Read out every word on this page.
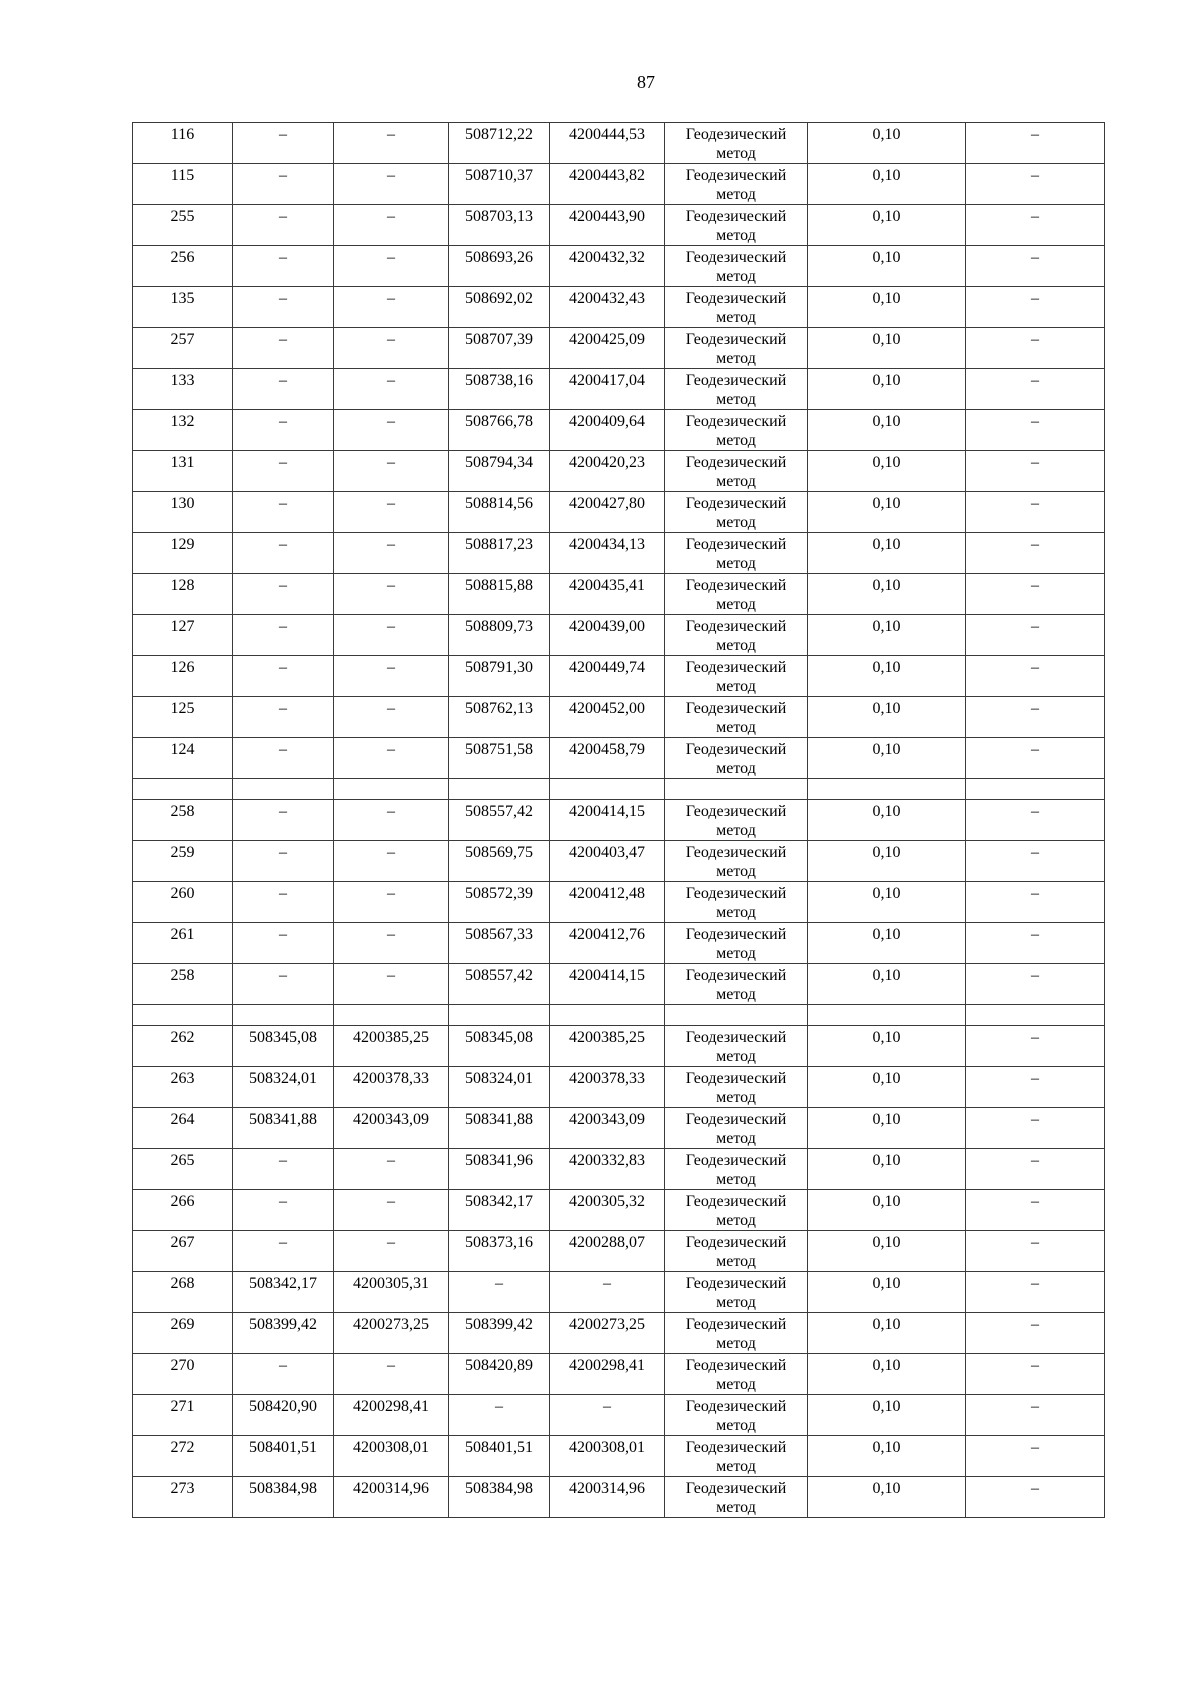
87
116	–	–	508712,22	4200444,53	Геодезический
метод	0,10	–
115	–	–	508710,37	4200443,82	Геодезический
метод	0,10	–
255	–	–	508703,13	4200443,90	Геодезический
метод	0,10	–
256	–	–	508693,26	4200432,32	Геодезический
метод	0,10	–
135	–	–	508692,02	4200432,43	Геодезический
метод	0,10	–
257	–	–	508707,39	4200425,09	Геодезический
метод	0,10	–
133	–	–	508738,16	4200417,04	Геодезический
метод	0,10	–
132	–	–	508766,78	4200409,64	Геодезический
метод	0,10	–
131	–	–	508794,34	4200420,23	Геодезический
метод	0,10	–
130	–	–	508814,56	4200427,80	Геодезический
метод	0,10	–
129	–	–	508817,23	4200434,13	Геодезический
метод	0,10	–
128	–	–	508815,88	4200435,41	Геодезический
метод	0,10	–
127	–	–	508809,73	4200439,00	Геодезический
метод	0,10	–
126	–	–	508791,30	4200449,74	Геодезический
метод	0,10	–
125	–	–	508762,13	4200452,00	Геодезический
метод	0,10	–
124	–	–	508751,58	4200458,79	Геодезический
метод	0,10	–

258	–	–	508557,42	4200414,15	Геодезический
метод	0,10	–
259	–	–	508569,75	4200403,47	Геодезический
метод	0,10	–
260	–	–	508572,39	4200412,48	Геодезический
метод	0,10	–
261	–	–	508567,33	4200412,76	Геодезический
метод	0,10	–
258	–	–	508557,42	4200414,15	Геодезический
метод	0,10	–

262	508345,08	4200385,25	508345,08	4200385,25	Геодезический
метод	0,10	–
263	508324,01	4200378,33	508324,01	4200378,33	Геодезический
метод	0,10	–
264	508341,88	4200343,09	508341,88	4200343,09	Геодезический
метод	0,10	–
265	–	–	508341,96	4200332,83	Геодезический
метод	0,10	–
266	–	–	508342,17	4200305,32	Геодезический
метод	0,10	–
267	–	–	508373,16	4200288,07	Геодезический
метод	0,10	–
268	508342,17	4200305,31	–	–	Геодезический
метод	0,10	–
269	508399,42	4200273,25	508399,42	4200273,25	Геодезический
метод	0,10	–
270	–	–	508420,89	4200298,41	Геодезический
метод	0,10	–
271	508420,90	4200298,41	–	–	Геодезический
метод	0,10	–
272	508401,51	4200308,01	508401,51	4200308,01	Геодезический
метод	0,10	–
273	508384,98	4200314,96	508384,98	4200314,96	Геодезический
метод	0,10	–
